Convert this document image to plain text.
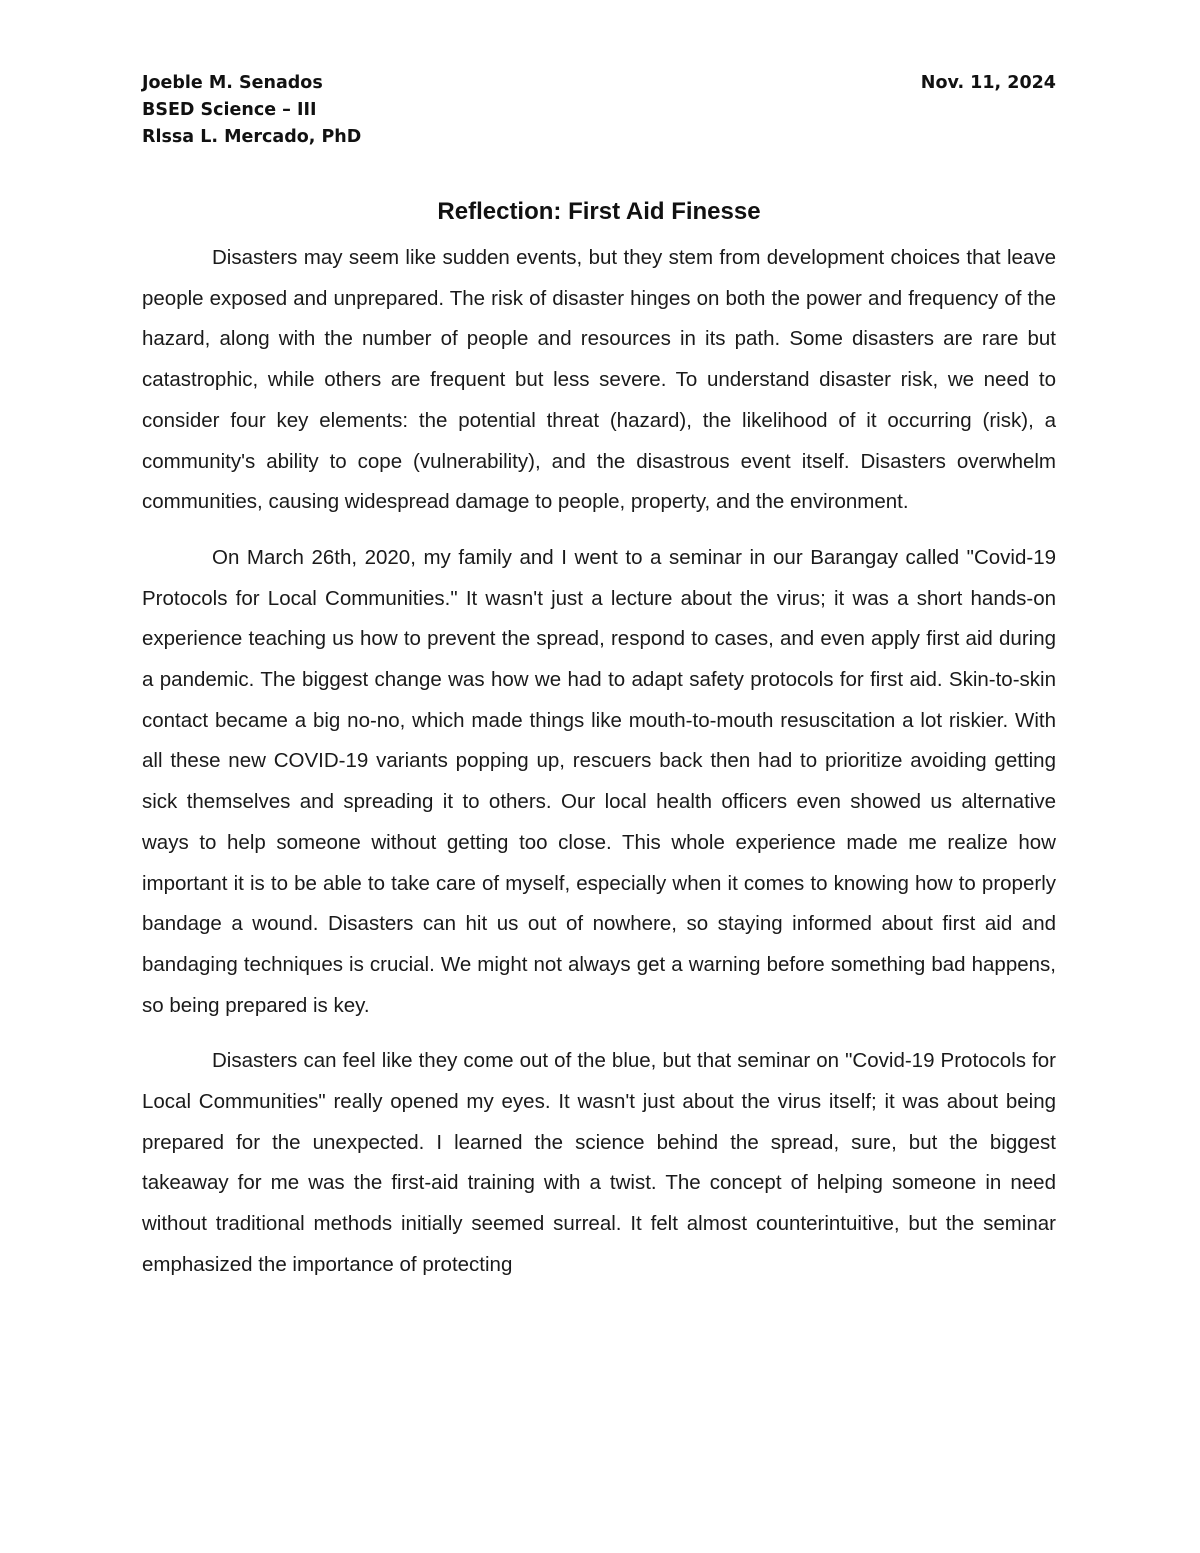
Joeble M. Senados
BSED Science – III
Rlssa L. Mercado, PhD
Nov. 11, 2024
Reflection: First Aid Finesse

Disasters may seem like sudden events, but they stem from development choices that leave people exposed and unprepared. The risk of disaster hinges on both the power and frequency of the hazard, along with the number of people and resources in its path. Some disasters are rare but catastrophic, while others are frequent but less severe. To understand disaster risk, we need to consider four key elements: the potential threat (hazard), the likelihood of it occurring (risk), a community's ability to cope (vulnerability), and the disastrous event itself. Disasters overwhelm communities, causing widespread damage to people, property, and the environment.

On March 26th, 2020, my family and I went to a seminar in our Barangay called "Covid-19 Protocols for Local Communities." It wasn't just a lecture about the virus; it was a short hands-on experience teaching us how to prevent the spread, respond to cases, and even apply first aid during a pandemic. The biggest change was how we had to adapt safety protocols for first aid. Skin-to-skin contact became a big no-no, which made things like mouth-to-mouth resuscitation a lot riskier. With all these new COVID-19 variants popping up, rescuers back then had to prioritize avoiding getting sick themselves and spreading it to others. Our local health officers even showed us alternative ways to help someone without getting too close. This whole experience made me realize how important it is to be able to take care of myself, especially when it comes to knowing how to properly bandage a wound. Disasters can hit us out of nowhere, so staying informed about first aid and bandaging techniques is crucial. We might not always get a warning before something bad happens, so being prepared is key.

Disasters can feel like they come out of the blue, but that seminar on "Covid-19 Protocols for Local Communities" really opened my eyes. It wasn't just about the virus itself; it was about being prepared for the unexpected. I learned the science behind the spread, sure, but the biggest takeaway for me was the first-aid training with a twist. The concept of helping someone in need without traditional methods initially seemed surreal. It felt almost counterintuitive, but the seminar emphasized the importance of protecting
